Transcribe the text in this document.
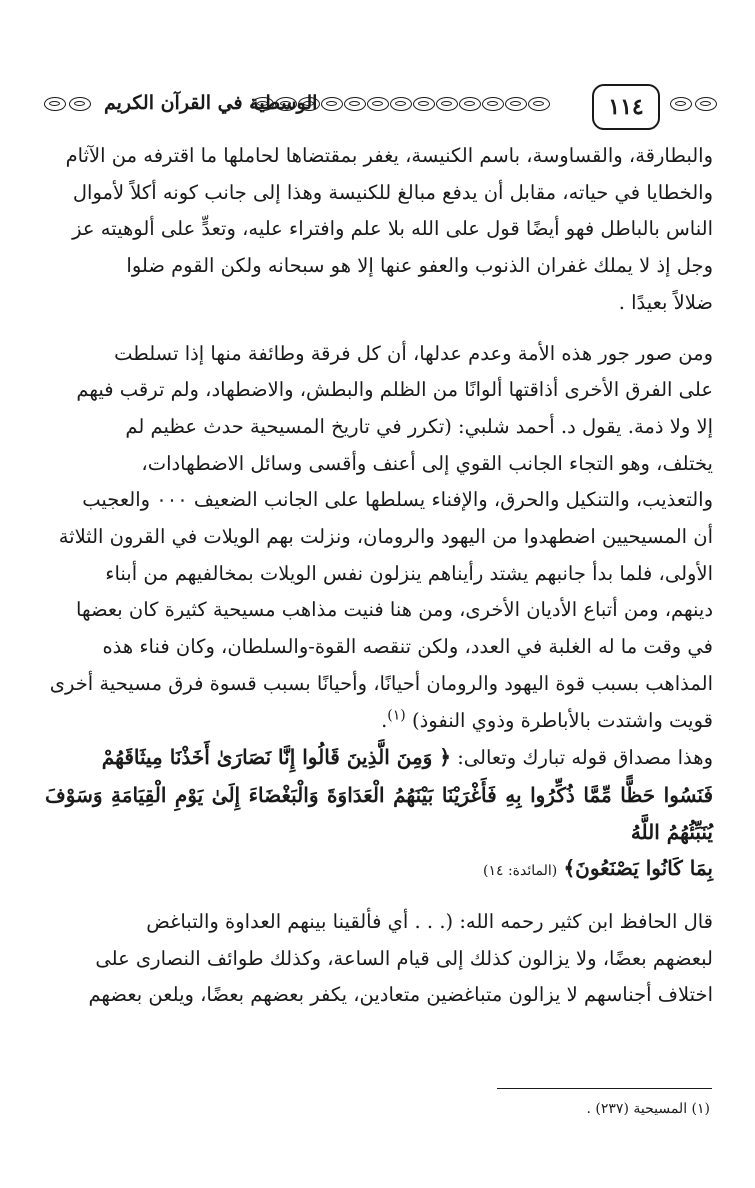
١١٤
الوسطية في القرآن الكريم

والبطارقة، والقساوسة، باسم الكنيسة، يغفر بمقتضاها لحاملها ما اقترفه من الآثام

والخطايا في حياته، مقابل أن يدفع مبالغ للكنيسة وهذا إلى جانب كونه أكلاً لأموال

الناس بالباطل فهو أيضًا قول على الله بلا علم وافتراء عليه، وتعدٍّ على ألوهيته عز

وجل إذ لا يملك غفران الذنوب والعفو عنها إلا هو سبحانه ولكن القوم ضلوا

ضلالاً بعيدًا .

ومن صور جور هذه الأمة وعدم عدلها، أن كل فرقة وطائفة منها إذا تسلطت

على الفرق الأخرى أذاقتها ألوانًا من الظلم والبطش، والاضطهاد، ولم ترقب فيهم

إلا ولا ذمة. يقول د. أحمد شلبي: (تكرر في تاريخ المسيحية حدث عظيم لم

يختلف، وهو التجاء الجانب القوي إلى أعنف وأقسى وسائل الاضطهادات،

والتعذيب، والتنكيل والحرق، والإفناء يسلطها على الجانب الضعيف ٠٠٠ والعجيب

أن المسيحيين اضطهدوا من اليهود والرومان، ونزلت بهم الويلات في القرون الثلاثة

الأولى، فلما بدأ جانبهم يشتد رأيناهم ينزلون نفس الويلات بمخالفيهم من أبناء

دينهم، ومن أتباع الأديان الأخرى، ومن هنا فنيت مذاهب مسيحية كثيرة كان بعضها

في وقت ما له الغلبة في العدد، ولكن تنقصه القوة-والسلطان، وكان فناء هذه

المذاهب بسبب قوة اليهود والرومان أحيانًا، وأحيانًا بسبب قسوة فرق مسيحية أخرى

قويت واشتدت بالأباطرة وذوي النفوذ) $^{(١)}$.

وهذا مصداق قوله تبارك وتعالى: ﴿ وَمِنَ الَّذِينَ قَالُوا إِنَّا نَصَارَىٰ أَخَذْنَا مِيثَاقَهُمْ

فَنَسُوا حَظًّا مِّمَّا ذُكِّرُوا بِهِ فَأَغْرَيْنَا بَيْنَهُمُ الْعَدَاوَةَ وَالْبَغْضَاءَ إِلَىٰ يَوْمِ الْقِيَامَةِ وَسَوْفَ يُنَبِّئُهُمُ اللَّهُ

بِمَا كَانُوا يَصْنَعُونَ﴾ (المائدة: ١٤)

قال الحافظ ابن كثير رحمه الله: (. . . أي فألقينا بينهم العداوة والتباغض

لبعضهم بعضًا، ولا يزالون كذلك إلى قيام الساعة، وكذلك طوائف النصارى على

اختلاف أجناسهم لا يزالون متباغضين متعادين، يكفر بعضهم بعضًا، ويلعن بعضهم

(١) المسيحية (٢٣٧) .
